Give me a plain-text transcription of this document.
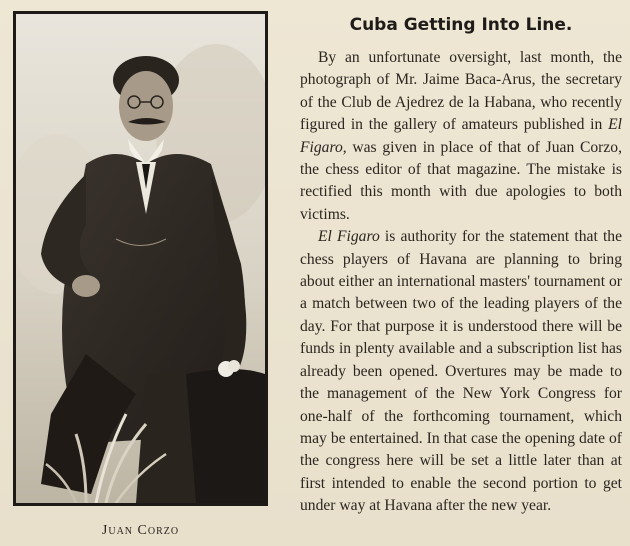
Juan Corzo
Cuba Getting Into Line.

By an unfortunate oversight, last month, the photograph of Mr. Jaime Baca-Arus, the secretary of the Club de Ajedrez de la Habana, who recently figured in the gallery of amateurs published in El Figaro, was given in place of that of Juan Corzo, the chess editor of that magazine. The mistake is rectified this month with due apologies to both victims.

El Figaro is authority for the statement that the chess players of Havana are planning to bring about either an international masters' tournament or a match between two of the leading players of the day. For that purpose it is understood there will be funds in plenty available and a subscription list has already been opened. Overtures may be made to the management of the New York Congress for one-half of the forthcoming tournament, which may be entertained. In that case the opening date of the congress here will be set a little later than at first intended to enable the second portion to get under way at Havana after the new year.
